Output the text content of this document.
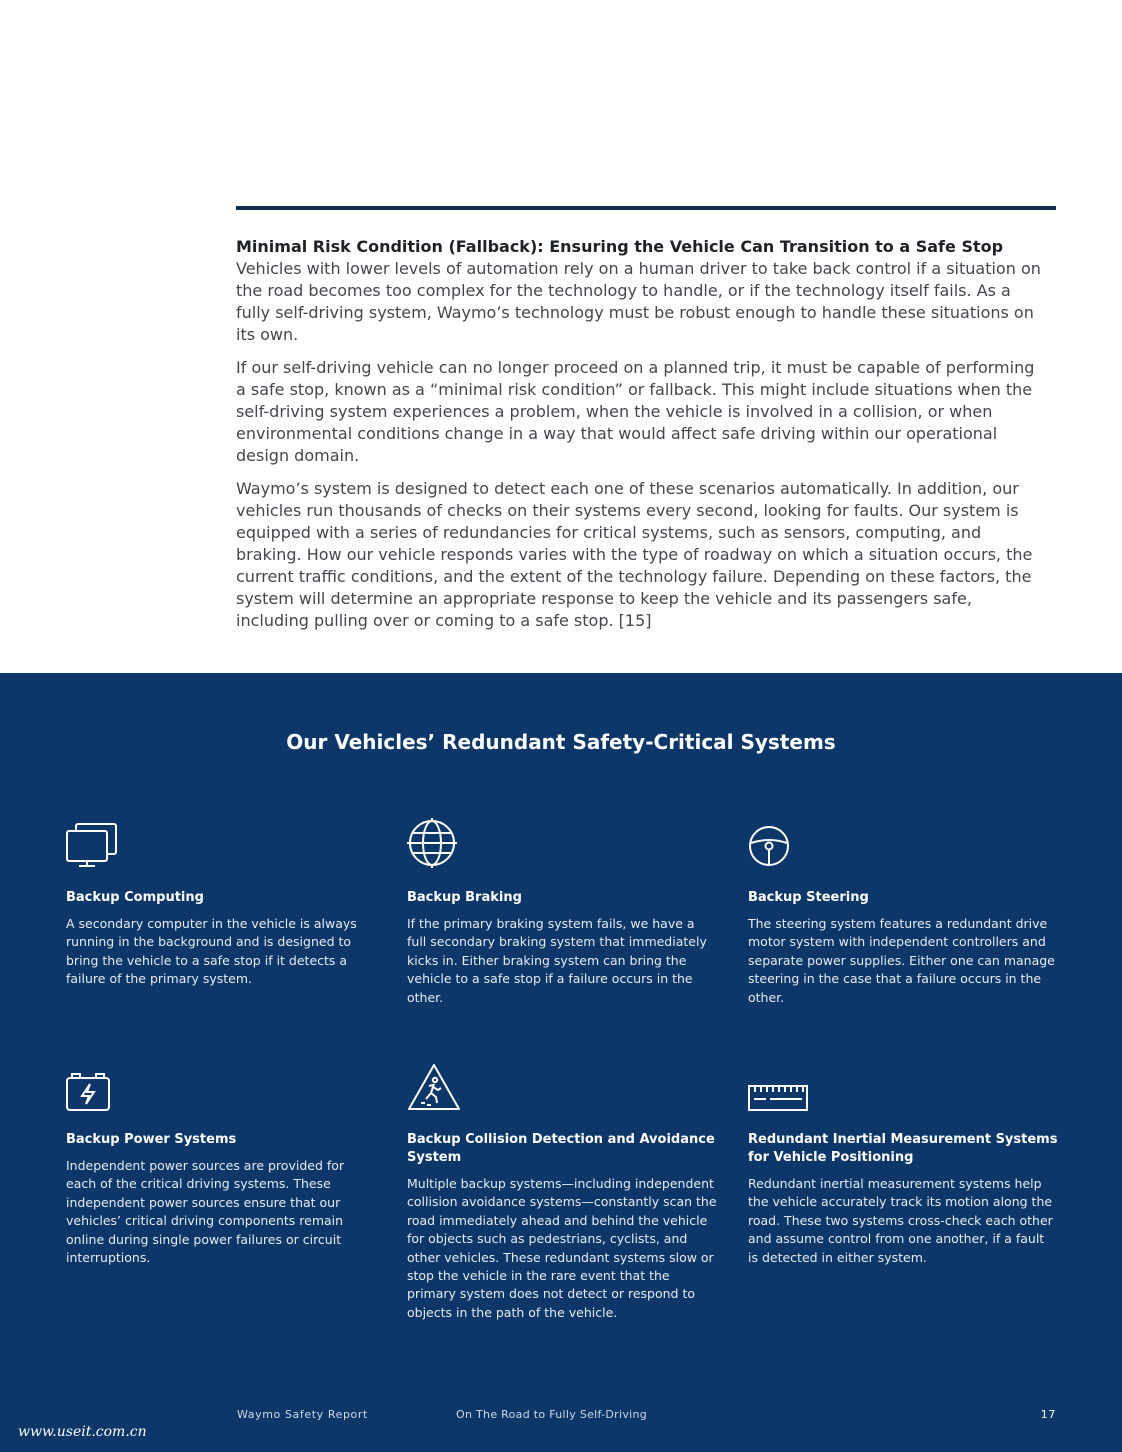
Minimal Risk Condition (Fallback): Ensuring the Vehicle Can Transition to a Safe Stop

Vehicles with lower levels of automation rely on a human driver to take back control if a situation on the road becomes too complex for the technology to handle, or if the technology itself fails. As a fully self-driving system, Waymo’s technology must be robust enough to handle these situations on its own.

If our self-driving vehicle can no longer proceed on a planned trip, it must be capable of performing a safe stop, known as a “minimal risk condition” or fallback. This might include situations when the self-driving system experiences a problem, when the vehicle is involved in a collision, or when environmental conditions change in a way that would affect safe driving within our operational design domain.

Waymo’s system is designed to detect each one of these scenarios automatically. In addition, our vehicles run thousands of checks on their systems every second, looking for faults. Our system is equipped with a series of redundancies for critical systems, such as sensors, computing, and braking. How our vehicle responds varies with the type of roadway on which a situation occurs, the current traffic conditions, and the extent of the technology failure. Depending on these factors, the system will determine an appropriate response to keep the vehicle and its passengers safe, including pulling over or coming to a safe stop. [15]

Our Vehicles’ Redundant Safety-Critical Systems
Backup Computing

A secondary computer in the vehicle is always running in the background and is designed to bring the vehicle to a safe stop if it detects a failure of the primary system.

Backup Braking

If the primary braking system fails, we have a full secondary braking system that immediately kicks in. Either braking system can bring the vehicle to a safe stop if a failure occurs in the other.

Backup Steering

The steering system features a redundant drive motor system with independent controllers and separate power supplies. Either one can manage steering in the case that a failure occurs in the other.

Backup Power Systems

Independent power sources are provided for each of the critical driving systems. These independent power sources ensure that our vehicles’ critical driving components remain online during single power failures or circuit interruptions.

Backup Collision Detection and Avoidance System

Multiple backup systems—including independent collision avoidance systems—constantly scan the road immediately ahead and behind the vehicle for objects such as pedestrians, cyclists, and other vehicles. These redundant systems slow or stop the vehicle in the rare event that the primary system does not detect or respond to objects in the path of the vehicle.

Redundant Inertial Measurement Systems for Vehicle Positioning

Redundant inertial measurement systems help the vehicle accurately track its motion along the road. These two systems cross-check each other and assume control from one another, if a fault is detected in either system.

Waymo Safety Report	On The Road to Fully Self-Driving	17
www.useit.com.cn
